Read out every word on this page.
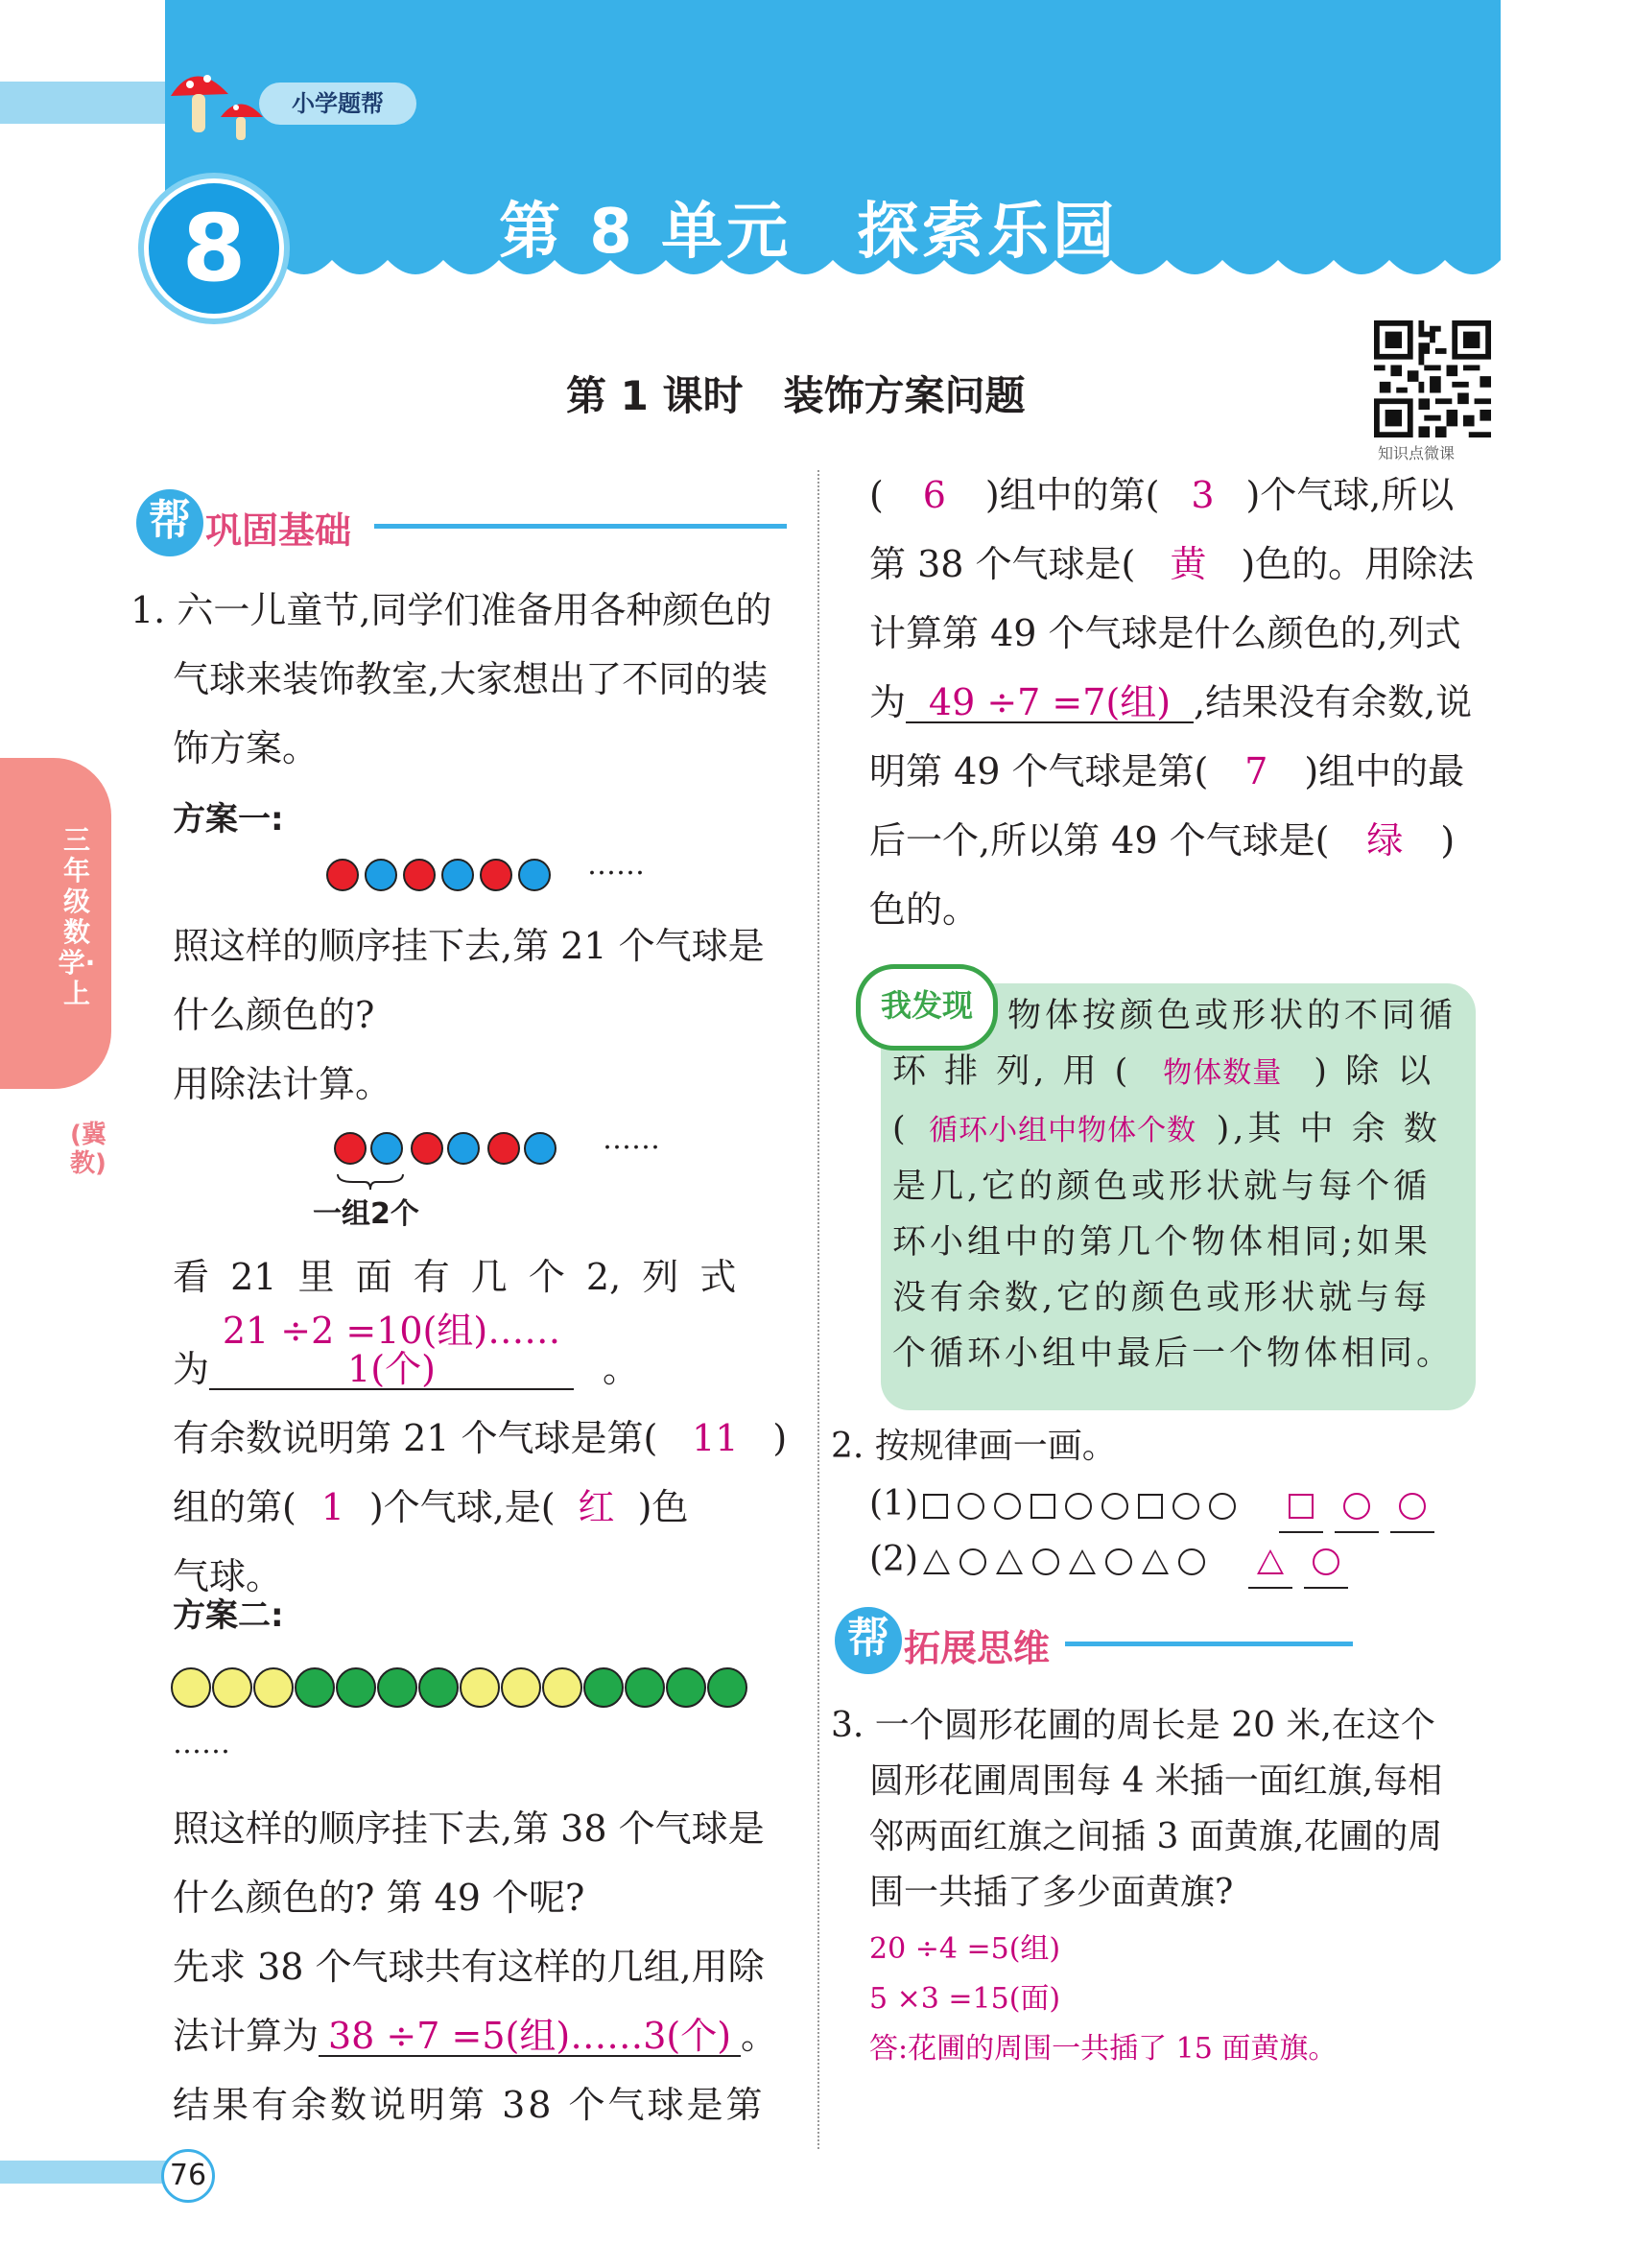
小学题帮
8	第 8 单元　探索乐园
第 1 课时　装饰方案问题
知识点微课
三年级数学·上
(冀教)
帮 巩固基础
1. 六一儿童节,同学们准备用各种颜色的
气球来装饰教室,大家想出了不同的装
饰方案。
方案一:
……
照这样的顺序挂下去,第 21 个气球是
什么颜色的?
用除法计算。
……
一组2个
看 21 里 面 有 几 个 2, 列 式
为21 ÷2 =10(组)……1(个)	。
有余数说明第 21 个气球是第( 11 )
组的第( 1 )个气球,是( 红 )色
气球。
方案二:
……
照这样的顺序挂下去,第 38 个气球是
什么颜色的? 第 49 个呢?
先求 38 个气球共有这样的几组,用除
法计算为 38 ÷7 =5(组)……3(个) 。
结果有余数说明第 38 个气球是第
( 6 )组中的第( 3 )个气球,所以
第 38 个气球是( 黄 )色的。用除法
计算第 49 个气球是什么颜色的,列式
为 49 ÷7 =7(组) ,结果没有余数,说
明第 49 个气球是第( 7 )组中的最
后一个,所以第 49 个气球是( 绿 )
色的。
我发现	物体按颜色或形状的不同循
环 排 列, 用 ( 物体数量 ) 除 以
( 循环小组中物体个数 ),其 中 余 数
是几,它的颜色或形状就与每个循
环小组中的第几个物体相同;如果
没有余数,它的颜色或形状就与每
个循环小组中最后一个物体相同。
2. 按规律画一画。
(1)
(2)
帮 拓展思维
3. 一个圆形花圃的周长是 20 米,在这个
圆形花圃周围每 4 米插一面红旗,每相
邻两面红旗之间插 3 面黄旗,花圃的周
围一共插了多少面黄旗?
20 ÷4 =5(组)
5 ×3 =15(面)
答:花圃的周围一共插了 15 面黄旗。
76
